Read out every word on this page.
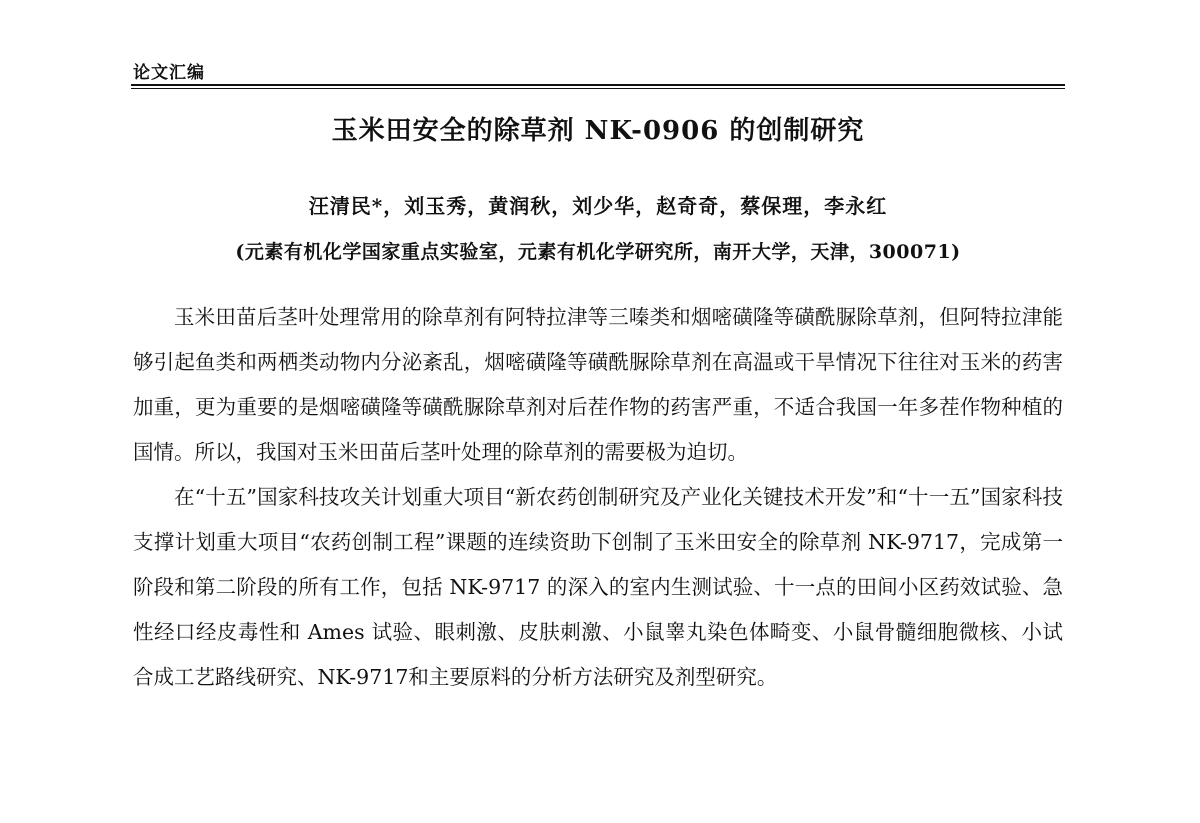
论文汇编
玉米田安全的除草剂 NK-0906 的创制研究
汪清民*，刘玉秀，黄润秋，刘少华，赵奇奇，蔡保理，李永红
(元素有机化学国家重点实验室，元素有机化学研究所，南开大学，天津，300071)

玉米田苗后茎叶处理常用的除草剂有阿特拉津等三嗪类和烟嘧磺隆等磺酰脲除草剂，但阿特拉津能够引起鱼类和两栖类动物内分泌紊乱，烟嘧磺隆等磺酰脲除草剂在高温或干旱情况下往往对玉米的药害加重，更为重要的是烟嘧磺隆等磺酰脲除草剂对后茬作物的药害严重，不适合我国一年多茬作物种植的国情。所以，我国对玉米田苗后茎叶处理的除草剂的需要极为迫切。

在“十五”国家科技攻关计划重大项目“新农药创制研究及产业化关键技术开发”和“十一五”国家科技支撑计划重大项目“农药创制工程”课题的连续资助下创制了玉米田安全的除草剂 NK-9717，完成第一阶段和第二阶段的所有工作，包括 NK-9717 的深入的室内生测试验、十一点的田间小区药效试验、急性经口经皮毒性和 Ames 试验、眼刺激、皮肤刺激、小鼠睾丸染色体畸变、小鼠骨髓细胞微核、小试合成工艺路线研究、NK-9717和主要原料的分析方法研究及剂型研究。
